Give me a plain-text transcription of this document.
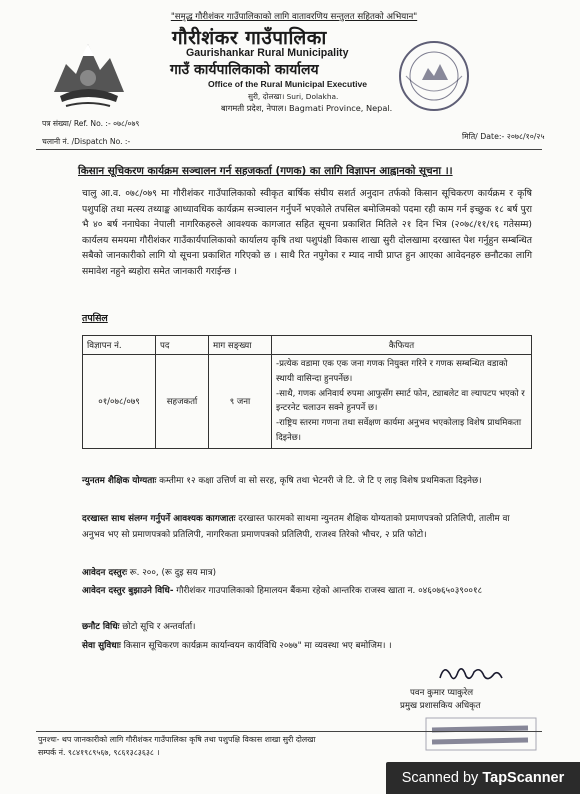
"समृद्ध गौरीशंकर गाउँपालिकाको लागि वातावरणिय सन्तुलत सहितको अभियान"
गौरीशंकर गाउँपालिका
Gaurishankar Rural Municipality
गाउँ कार्यपालिकाको कार्यालय
Office of the Rural Municipal Executive
सुरी, दोलखा। Suri, Dolakha.
बागमती प्रदेश, नेपाल। Bagmati Province, Nepal.
पत्र संख्या/ Ref. No. :- ०७८/०७९
चलानी नं. /Dispatch No. :-
मिति/ Date:- २०७८/१०/२५
किसान सूचिकरण कार्यक्रम सञ्चालन गर्न सहजकर्ता (गणक) का लागि विज्ञापन आह्वानको सूचना ।।
चालु आ.व. ०७८/०७९ मा गौरीशंकर गाउँपालिकाको स्वीकृत बार्षिक संघीय सशर्त अनुदान तर्फको किसान सूचिकरण कार्यक्रम र कृषि पशुपक्षि तथा मत्स्य तथ्याङ्क आध्यावधिक कार्यक्रम सञ्चालन गर्नुपर्ने भएकोले तपसिल बमोजिमको पदमा रही काम गर्न इच्छुक १८ बर्ष पुरा भै ४० बर्ष ननाघेका नेपाली नागरिकहरुले आवश्यक कागजात सहित सूचना प्रकाशित मितिले २१ दिन भित्र (२०७८/११/१६ गतेसम्म) कार्यलय समयमा गौरीशंकर गाउँकार्यपालिकाको कार्यालय कृषि तथा पशुपंक्षी विकास शाखा सुरी दोलखामा दरखास्त पेश गर्नुहुन सम्बन्धित सबैको जानकारीको लागि यो सूचना प्रकाशित गरिएको छ । साथै रित नपुगेका र म्याद नाघी प्राप्त हुन आएका आवेदनहरु छनौटका लागि समावेश नहुने ब्यहोरा समेत जानकारी गराईन्छ ।
तपसिल
विज्ञापन नं.	पद	माग सङ्ख्या	कैफियत
०१/०७८/०७९	सहजकर्ता	९ जना	-प्रत्येक वडामा एक एक जना गणक नियुक्त गरिने र गणक सम्बन्धित वडाको स्थायी वासिन्दा हुनपर्नेछ।
-साथै, गणक अनिवार्य रुपमा आफुसँग स्मार्ट फोन, ट्याबलेट वा ल्यापटप भएको र इन्टरनेट चलाउन सक्ने हुनपर्ने छ।
-राष्ट्रिय स्तरमा गणना तथा सर्वेक्षण कार्यमा अनुभव भएकोलाइ विशेष प्राथमिकता दिइनेछ।
न्युनतम शैक्षिक योग्यताः कम्तीमा १२ कक्षा उत्तिर्ण वा सो सरह, कृषि तथा भेटनरी जे टि. जे टि ए लाइ विशेष प्रथमिकता दिइनेछ।
दरखास्त साथ संलग्न गर्नुपर्ने आवश्यक कागजातः दरखास्त फारमको साथमा न्युनतम शैक्षिक योग्यताको प्रमाणपत्रको प्रतिलिपी, तालीम वा अनुभव भए सो प्रमाणपत्रको प्रतिलिपी, नागरिकता प्रमाणपत्रको प्रतिलिपी, राजश्व तिरेको भौचर, २ प्रति फोटो।
आवेदन दस्तुरः रू. २००, (रू दुइ सय मात्र)
आवेदन दस्तुर बुझाउने विधि- गौरीशंकर गाउपालिकाको हिमालयन बैंकमा रहेको आन्तरिक राजस्व खाता न. ०४६०७६५०३९००१८
छनौट विधिः छोटो सूचि र अन्तर्वार्ता।
सेवा सुविधाः किसान सूचिकरण कार्यक्रम कार्यान्वयन कार्यविधि २०७७" मा व्यवस्था भए बमोजिम। ।
पवन कुमार प्याकुरेल
प्रमुख प्रशासकिय अधिकृत
पुनश्चः- थप जानकारीको लागि गौरीशंकर गाउँपालिका कृषि तथा पशुपक्षि विकास शाखा सुरी दोलखा
सम्पर्क नं. ९८४१९८९५६७, ९८६१३८३६३८ ।
Scanned by TapScanner
